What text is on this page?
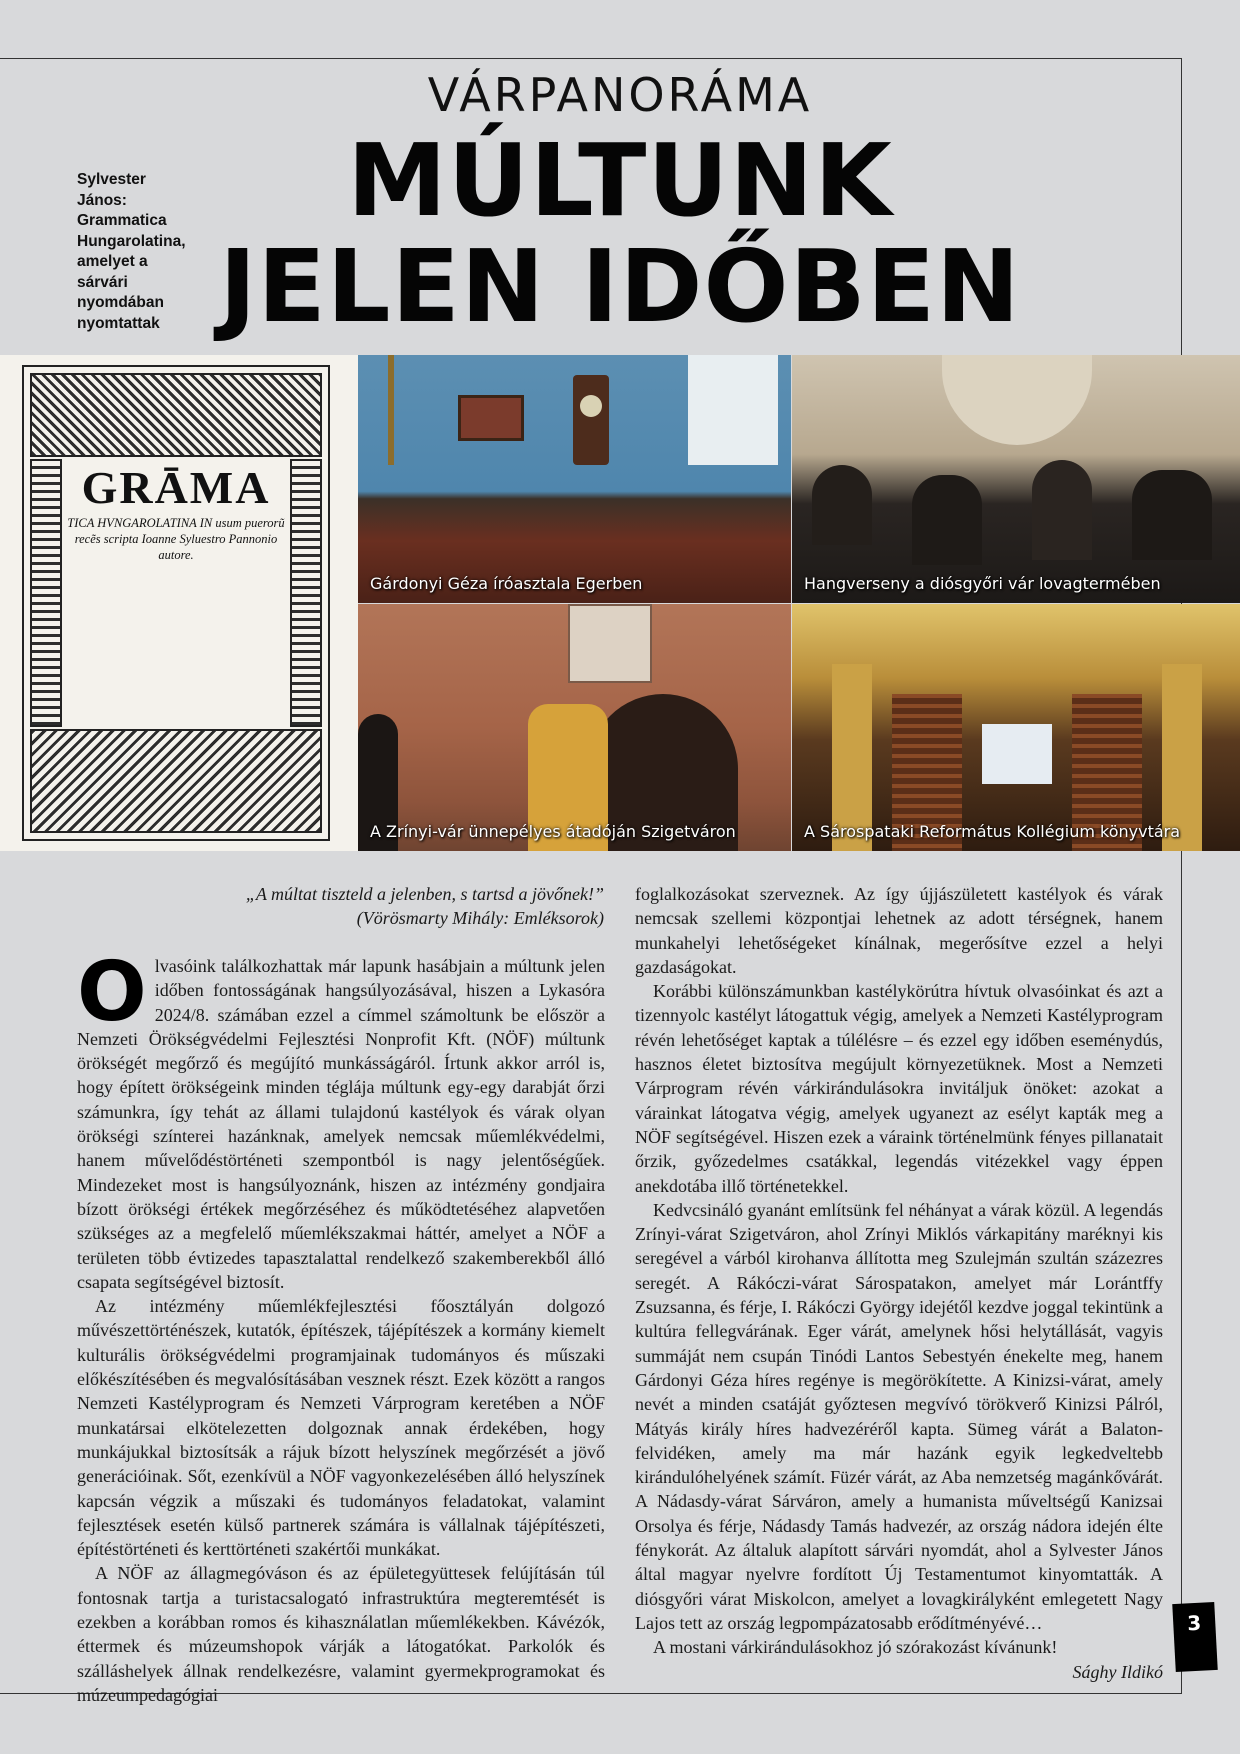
VÁRPANORÁMA
MÚLTUNK
JELEN IDŐBEN
Sylvester János: Grammatica Hungarolatina, amelyet a sárvári nyomdában nyomtattak
GRĀMA
TICA HVNGAROLATINA IN usum puerorũ recẽs scripta Ioanne Syluestro Pannonio autore.
Gárdonyi Géza íróasztala Egerben	Hangverseny a diósgyőri vár lovagtermében
A Zrínyi-vár ünnepélyes átadóján Szigetváron	A Sárospataki Református Kollégium könyvtára
„A múltat tiszteld a jelenben, s tartsd a jövőnek!”
(Vörösmarty Mihály: Emléksorok)

Olvasóink találkozhattak már lapunk hasábjain a múltunk jelen időben fontosságának hangsúlyozásával, hiszen a Lykasóra 2024/8. számában ezzel a címmel számoltunk be először a Nemzeti Örökségvédelmi Fejlesztési Nonprofit Kft. (NÖF) múltunk örökségét megőrző és megújító munkásságáról. Írtunk akkor arról is, hogy épített örökségeink minden téglája múltunk egy-egy darabját őrzi számunkra, így tehát az állami tulajdonú kastélyok és várak olyan örökségi színterei hazánknak, amelyek nemcsak műemlékvédelmi, hanem művelődéstörténeti szempontból is nagy jelentőségűek. Mindezeket most is hangsúlyoznánk, hiszen az intézmény gondjaira bízott örökségi értékek megőrzéséhez és működtetéséhez alapvetően szükséges az a megfelelő műemlékszakmai háttér, amelyet a NÖF a területen több évtizedes tapasztalattal rendelkező szakemberekből álló csapata segítségével biztosít.

Az intézmény műemlékfejlesztési főosztályán dolgozó művészettörténészek, kutatók, építészek, tájépítészek a kormány kiemelt kulturális örökségvédelmi programjainak tudományos és műszaki előkészítésében és megvalósításában vesznek részt. Ezek között a rangos Nemzeti Kastélyprogram és Nemzeti Várprogram keretében a NÖF munkatársai elkötelezetten dolgoznak annak érdekében, hogy munkájukkal biztosítsák a rájuk bízott helyszínek megőrzését a jövő generációinak. Sőt, ezenkívül a NÖF vagyonkezelésében álló helyszínek kapcsán végzik a műszaki és tudományos feladatokat, valamint fejlesztések esetén külső partnerek számára is vállalnak tájépítészeti, építéstörténeti és kerttörténeti szakértői munkákat.

A NÖF az állagmegóváson és az épületegyüttesek felújításán túl fontosnak tartja a turistacsalogató infrastruktúra megteremtését is ezekben a korábban romos és kihasználatlan műemlékekben. Kávézók, éttermek és múzeumshopok várják a látogatókat. Parkolók és szálláshelyek állnak rendelkezésre, valamint gyermekprogramokat és múzeumpedagógiai

foglalkozásokat szerveznek. Az így újjászületett kastélyok és várak nemcsak szellemi központjai lehetnek az adott térségnek, hanem munkahelyi lehetőségeket kínálnak, megerősítve ezzel a helyi gazdaságokat.

Korábbi különszámunkban kastélykörútra hívtuk olvasóinkat és azt a tizennyolc kastélyt látogattuk végig, amelyek a Nemzeti Kastélyprogram révén lehetőséget kaptak a túlélésre – és ezzel egy időben eseménydús, hasznos életet biztosítva megújult környezetüknek. Most a Nemzeti Várprogram révén várkirándulásokra invitáljuk önöket: azokat a várainkat látogatva végig, amelyek ugyanezt az esélyt kapták meg a NÖF segítségével. Hiszen ezek a váraink történelmünk fényes pillanatait őrzik, győzedelmes csatákkal, legendás vitézekkel vagy éppen anekdotába illő történetekkel.

Kedvcsináló gyanánt említsünk fel néhányat a várak közül. A legendás Zrínyi-várat Szigetváron, ahol Zrínyi Miklós várkapitány maréknyi kis seregével a várból kirohanva állította meg Szulejmán szultán százezres seregét. A Rákóczi-várat Sárospatakon, amelyet már Lorántffy Zsuzsanna, és férje, I. Rákóczi György idejétől kezdve joggal tekintünk a kultúra fellegvárának. Eger várát, amelynek hősi helytállását, vagyis summáját nem csupán Tinódi Lantos Sebestyén énekelte meg, hanem Gárdonyi Géza híres regénye is megörökítette. A Kinizsi-várat, amely nevét a minden csatáját győztesen megvívó törökverő Kinizsi Pálról, Mátyás király híres hadvezéréről kapta. Sümeg várát a Balaton-felvidéken, amely ma már hazánk egyik legkedveltebb kirándulóhelyének számít. Füzér várát, az Aba nemzetség magánkővárát. A Nádasdy-várat Sárváron, amely a humanista műveltségű Kanizsai Orsolya és férje, Nádasdy Tamás hadvezér, az ország nádora idején élte fénykorát. Az általuk alapított sárvári nyomdát, ahol a Sylvester János által magyar nyelvre fordított Új Testamentumot kinyomtatták. A diósgyőri várat Miskolcon, amelyet a lovagkirályként emlegetett Nagy Lajos tett az ország legpompázatosabb erődítményévé…

A mostani várkirándulásokhoz jó szórakozást kívánunk!

Sághy Ildikó
3
